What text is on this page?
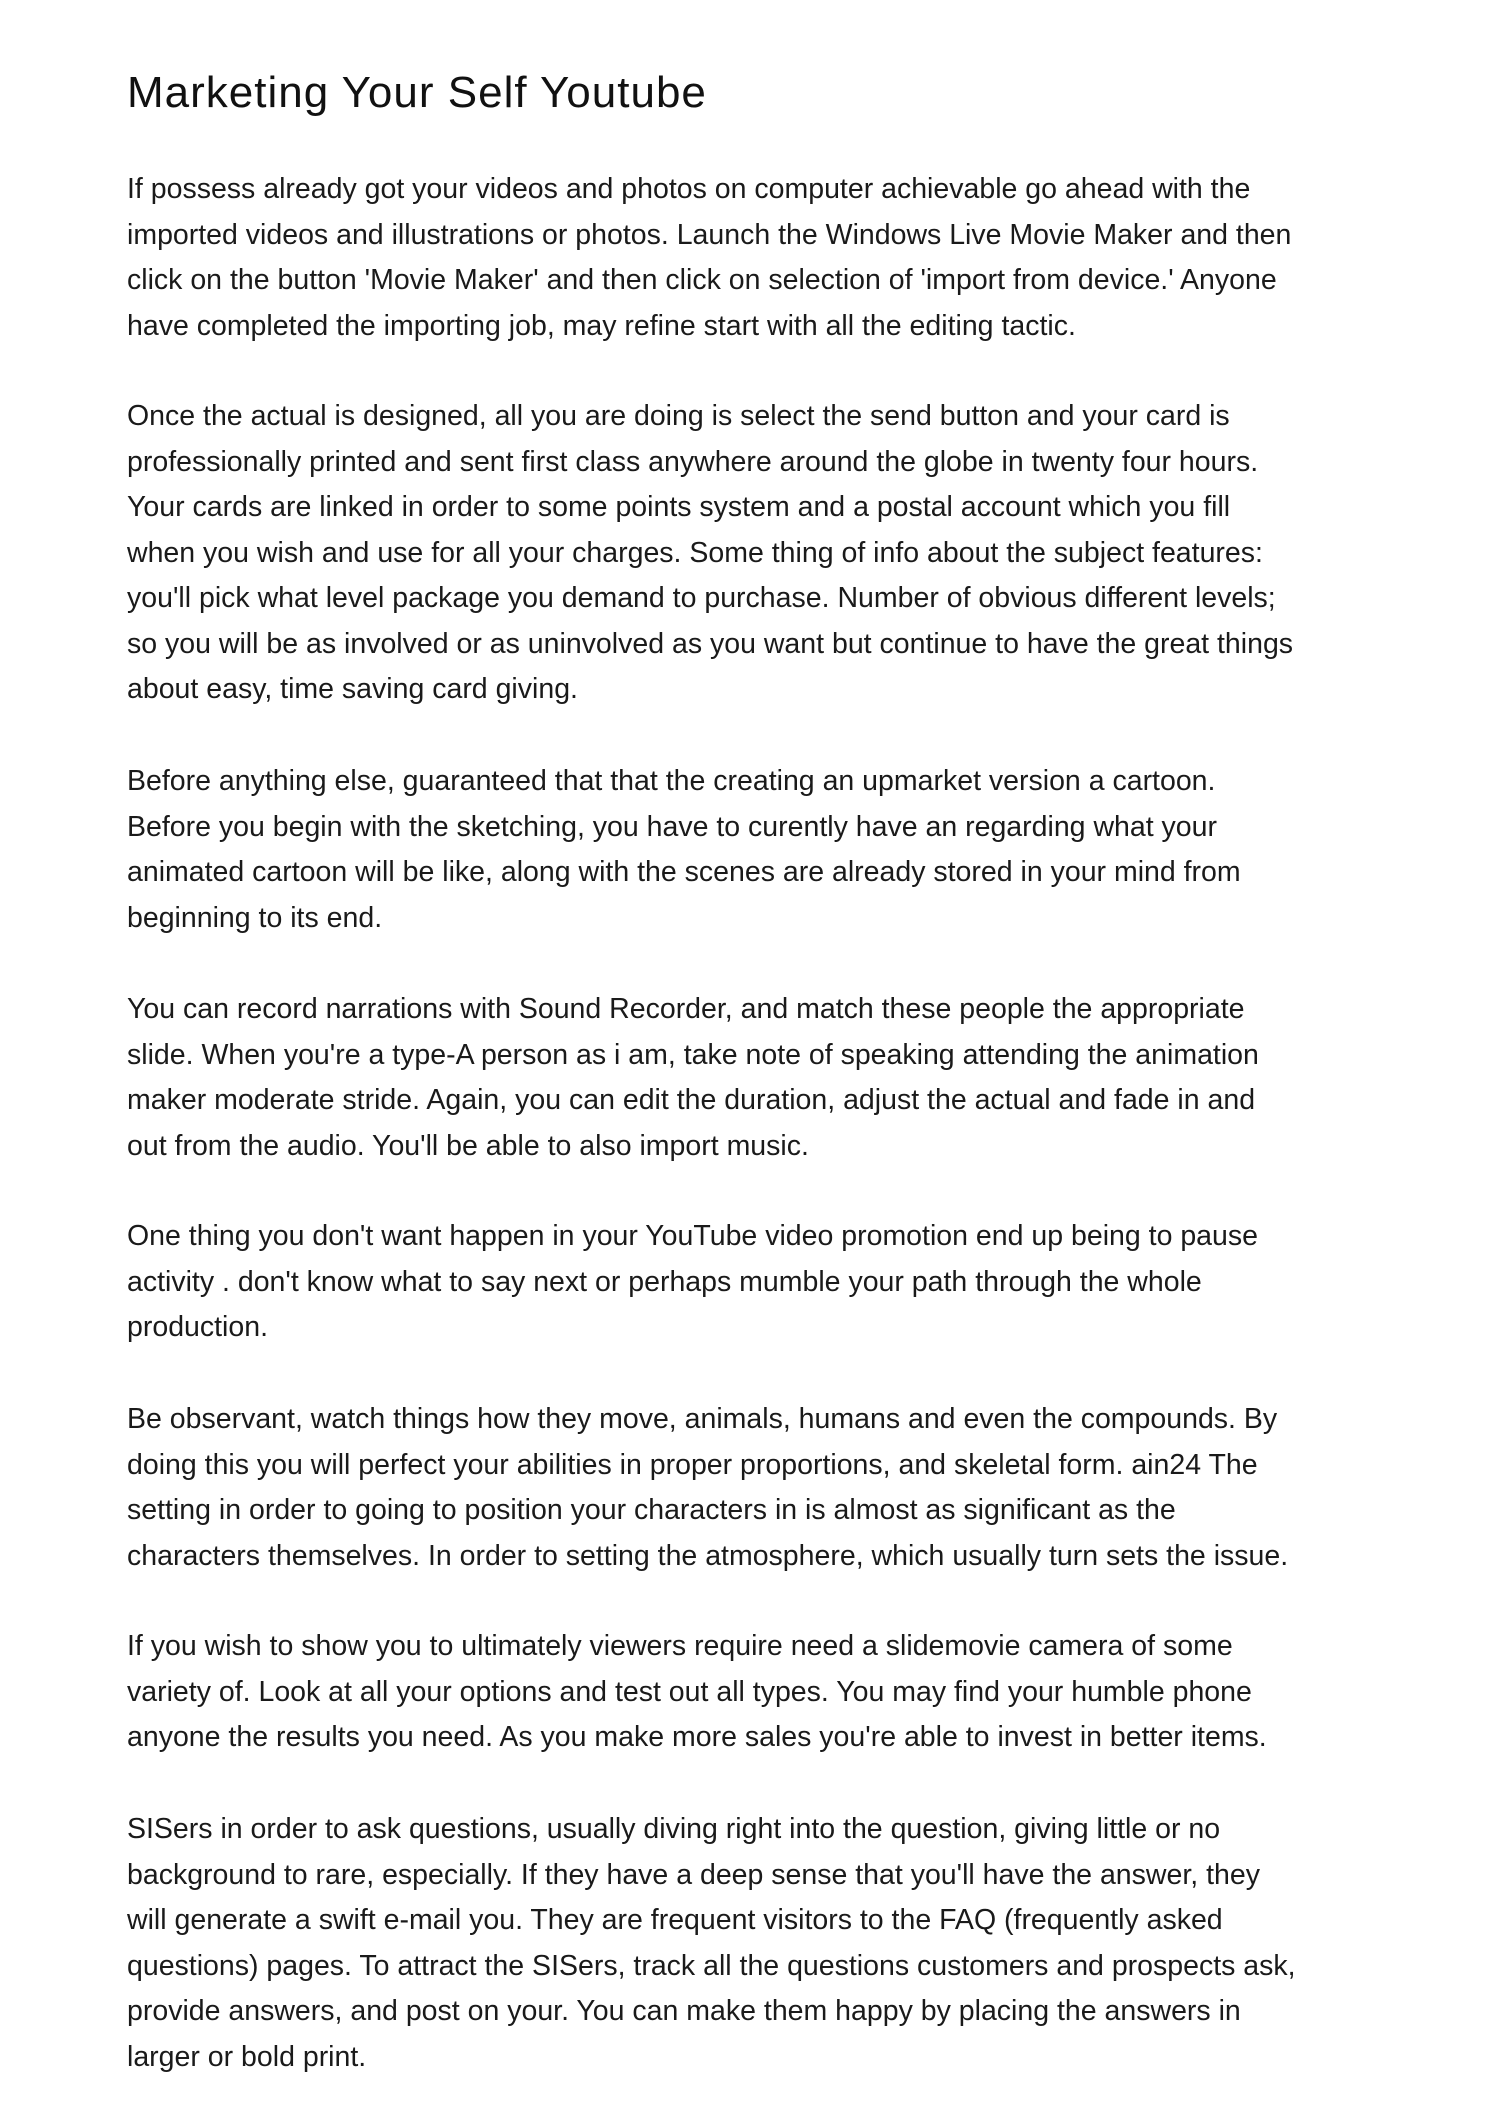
Marketing Your Self Youtube

If possess already got your videos and photos on computer achievable go ahead with the
imported videos and illustrations or photos. Launch the Windows Live Movie Maker and then
click on the button 'Movie Maker' and then click on selection of 'import from device.' Anyone
have completed the importing job, may refine start with all the editing tactic.

Once the actual is designed, all you are doing is select the send button and your card is
professionally printed and sent first class anywhere around the globe in twenty four hours.
Your cards are linked in order to some points system and a postal account which you fill
when you wish and use for all your charges. Some thing of info about the subject features:
you'll pick what level package you demand to purchase. Number of obvious different levels;
so you will be as involved or as uninvolved as you want but continue to have the great things
about easy, time saving card giving.

Before anything else, guaranteed that that the creating an upmarket version a cartoon.
Before you begin with the sketching, you have to curently have an regarding what your
animated cartoon will be like, along with the scenes are already stored in your mind from
beginning to its end.

You can record narrations with Sound Recorder, and match these people the appropriate
slide. When you're a type-A person as i am, take note of speaking attending the animation
maker moderate stride. Again, you can edit the duration, adjust the actual and fade in and
out from the audio. You'll be able to also import music.

One thing you don't want happen in your YouTube video promotion end up being to pause
activity . don't know what to say next or perhaps mumble your path through the whole
production.

Be observant, watch things how they move, animals, humans and even the compounds. By
doing this you will perfect your abilities in proper proportions, and skeletal form. ain24 The
setting in order to going to position your characters in is almost as significant as the
characters themselves. In order to setting the atmosphere, which usually turn sets the issue.

If you wish to show you to ultimately viewers require need a slidemovie camera of some
variety of. Look at all your options and test out all types. You may find your humble phone
anyone the results you need. As you make more sales you're able to invest in better items.

SISers in order to ask questions, usually diving right into the question, giving little or no
background to rare, especially. If they have a deep sense that you'll have the answer, they
will generate a swift e-mail you. They are frequent visitors to the FAQ (frequently asked
questions) pages. To attract the SISers, track all the questions customers and prospects ask,
provide answers, and post on your. You can make them happy by placing the answers in
larger or bold print.
